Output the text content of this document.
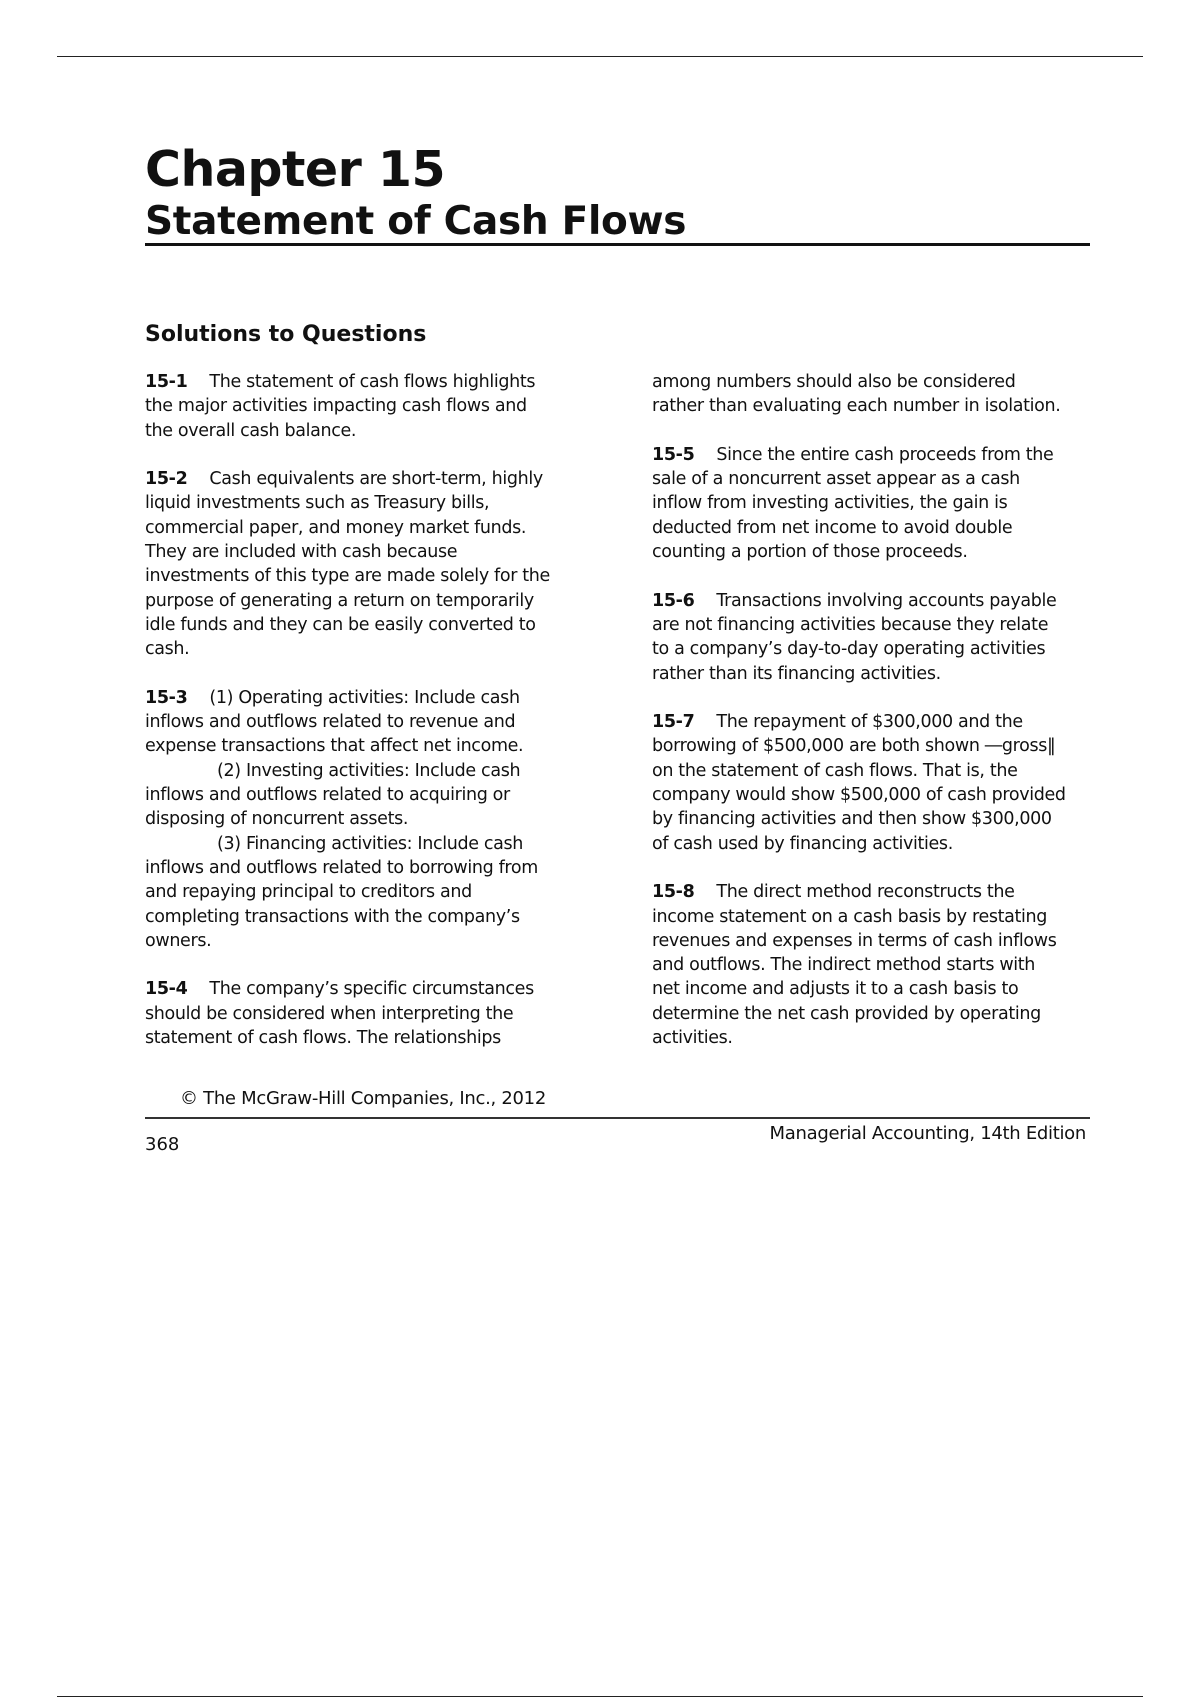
Chapter 15
Statement of Cash Flows
Solutions to Questions

15-1 The statement of cash flows highlights
the major activities impacting cash flows and
the overall cash balance.

15-2 Cash equivalents are short-term, highly
liquid investments such as Treasury bills,
commercial paper, and money market funds.
They are included with cash because
investments of this type are made solely for the
purpose of generating a return on temporarily
idle funds and they can be easily converted to
cash.

15-3 (1) Operating activities: Include cash
inflows and outflows related to revenue and
expense transactions that affect net income.
(2) Investing activities: Include cash
inflows and outflows related to acquiring or
disposing of noncurrent assets.
(3) Financing activities: Include cash
inflows and outflows related to borrowing from
and repaying principal to creditors and
completing transactions with the company’s
owners.

15-4 The company’s specific circumstances
should be considered when interpreting the
statement of cash flows. The relationships

among numbers should also be considered
rather than evaluating each number in isolation.

15-5 Since the entire cash proceeds from the
sale of a noncurrent asset appear as a cash
inflow from investing activities, the gain is
deducted from net income to avoid double
counting a portion of those proceeds.

15-6 Transactions involving accounts payable
are not financing activities because they relate
to a company’s day-to-day operating activities
rather than its financing activities.

15-7 The repayment of $300,000 and the
borrowing of $500,000 are both shown ―gross‖
on the statement of cash flows. That is, the
company would show $500,000 of cash provided
by financing activities and then show $300,000
of cash used by financing activities.

15-8 The direct method reconstructs the
income statement on a cash basis by restating
revenues and expenses in terms of cash inflows
and outflows. The indirect method starts with
net income and adjusts it to a cash basis to
determine the net cash provided by operating
activities.

© The McGraw-Hill Companies, Inc., 2012

368

Managerial Accounting, 14th Edition
